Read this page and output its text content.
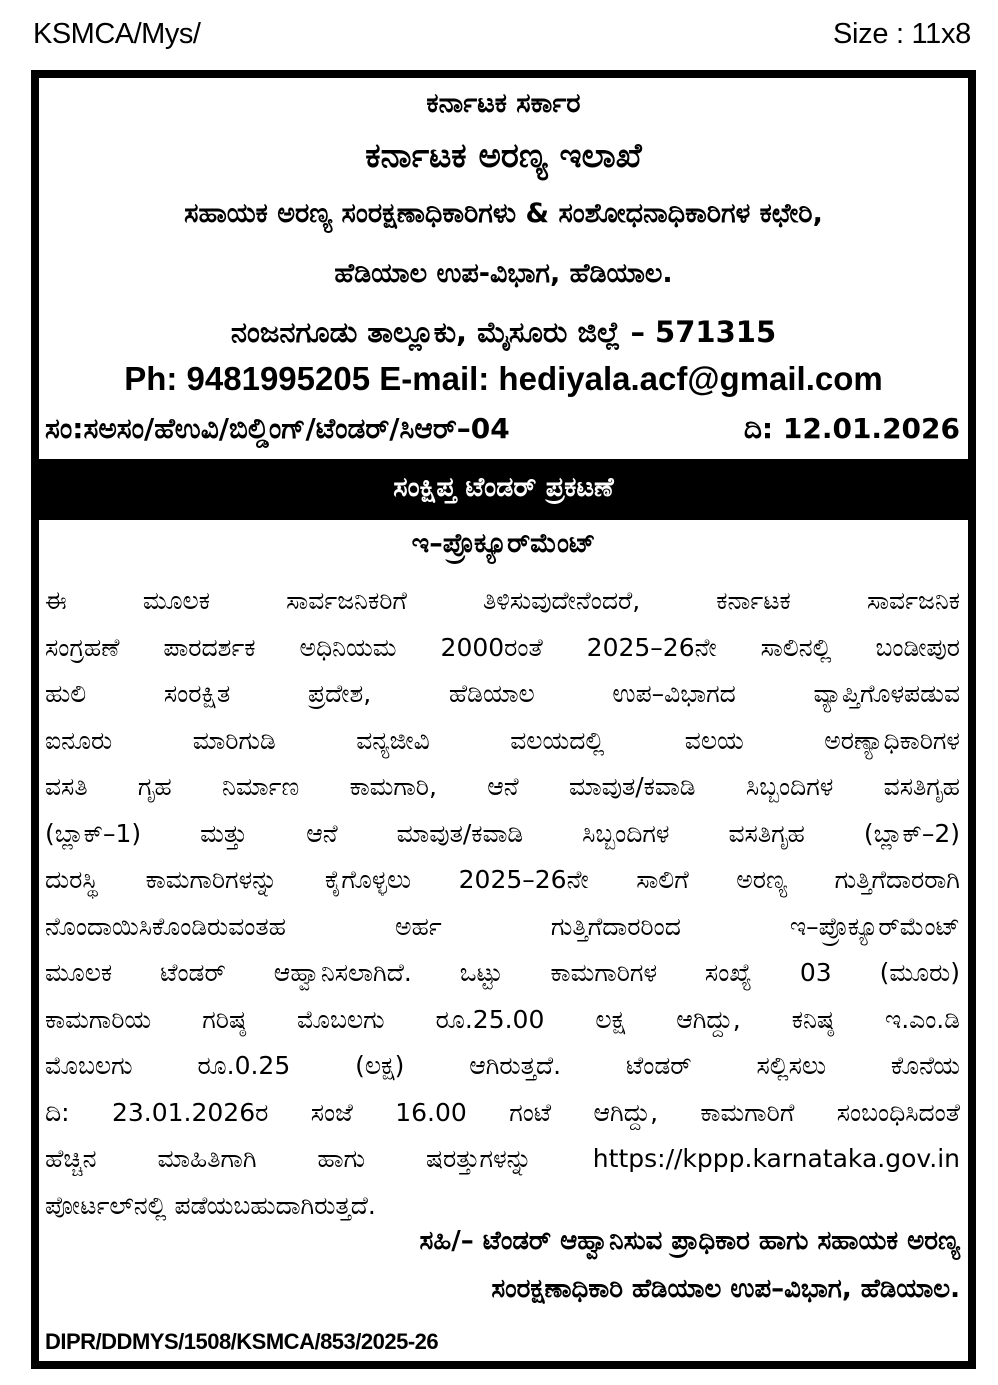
KSMCA/Mys/	Size : 11x8
ಕರ್ನಾಟಕ ಸರ್ಕಾರ
ಕರ್ನಾಟಕ ಅರಣ್ಯ ಇಲಾಖೆ
ಸಹಾಯಕ ಅರಣ್ಯ ಸಂರಕ್ಷಣಾಧಿಕಾರಿಗಳು & ಸಂಶೋಧನಾಧಿಕಾರಿಗಳ ಕಛೇರಿ,
ಹೆಡಿಯಾಲ ಉಪ-ವಿಭಾಗ, ಹೆಡಿಯಾಲ.
ನಂಜನಗೂಡು ತಾಲ್ಲೂಕು, ಮೈಸೂರು ಜಿಲ್ಲೆ – 571315
Ph: 9481995205 E-mail: hediyala.acf@gmail.com
ಸಂ:ಸಅಸಂ/ಹೆಉವಿ/ಬಿಲ್ಡಿಂಗ್/ಟೆಂಡರ್/ಸಿಆರ್–04	ದಿ: 12.01.2026
ಸಂಕ್ಷಿಪ್ತ ಟೆಂಡರ್ ಪ್ರಕಟಣೆ
ಇ–ಪ್ರೊಕ್ಯೂರ್‌ಮೆಂಟ್
ಈ ಮೂಲಕ ಸಾರ್ವಜನಿಕರಿಗೆ ತಿಳಿಸುವುದೇನೆಂದರೆ, ಕರ್ನಾಟಕ ಸಾರ್ವಜನಿಕ
ಸಂಗ್ರಹಣೆ ಪಾರದರ್ಶಕ ಅಧಿನಿಯಮ 2000ರಂತೆ 2025–26ನೇ ಸಾಲಿನಲ್ಲಿ ಬಂಡೀಪುರ
ಹುಲಿ ಸಂರಕ್ಷಿತ ಪ್ರದೇಶ, ಹೆಡಿಯಾಲ ಉಪ–ವಿಭಾಗದ ವ್ಯಾಪ್ತಿಗೊಳಪಡುವ
ಐನೂರು ಮಾರಿಗುಡಿ ವನ್ಯಜೀವಿ ವಲಯದಲ್ಲಿ ವಲಯ ಅರಣ್ಯಾಧಿಕಾರಿಗಳ
ವಸತಿ ಗೃಹ ನಿರ್ಮಾಣ ಕಾಮಗಾರಿ, ಆನೆ ಮಾವುತ/ಕವಾಡಿ ಸಿಬ್ಬಂದಿಗಳ ವಸತಿಗೃಹ
(ಬ್ಲಾಕ್–1) ಮತ್ತು ಆನೆ ಮಾವುತ/ಕವಾಡಿ ಸಿಬ್ಬಂದಿಗಳ ವಸತಿಗೃಹ (ಬ್ಲಾಕ್–2)
ದುರಸ್ಥಿ ಕಾಮಗಾರಿಗಳನ್ನು ಕೈಗೊಳ್ಳಲು 2025–26ನೇ ಸಾಲಿಗೆ ಅರಣ್ಯ ಗುತ್ತಿಗೆದಾರರಾಗಿ
ನೊಂದಾಯಿಸಿಕೊಂಡಿರುವಂತಹ ಅರ್ಹ ಗುತ್ತಿಗೆದಾರರಿಂದ ಇ–ಪ್ರೊಕ್ಯೂರ್‌ಮೆಂಟ್
ಮೂಲಕ ಟೆಂಡರ್ ಆಹ್ವಾನಿಸಲಾಗಿದೆ. ಒಟ್ಟು ಕಾಮಗಾರಿಗಳ ಸಂಖ್ಯೆ 03 (ಮೂರು)
ಕಾಮಗಾರಿಯ ಗರಿಷ್ಠ ಮೊಬಲಗು ರೂ.25.00 ಲಕ್ಷ ಆಗಿದ್ದು, ಕನಿಷ್ಠ ಇ.ಎಂ.ಡಿ
ಮೊಬಲಗು ರೂ.0.25 (ಲಕ್ಷ) ಆಗಿರುತ್ತದೆ. ಟೆಂಡರ್ ಸಲ್ಲಿಸಲು ಕೊನೆಯ
ದಿ: 23.01.2026ರ ಸಂಜೆ 16.00 ಗಂಟೆ ಆಗಿದ್ದು, ಕಾಮಗಾರಿಗೆ ಸಂಬಂಧಿಸಿದಂತೆ
ಹೆಚ್ಚಿನ ಮಾಹಿತಿಗಾಗಿ ಹಾಗು ಷರತ್ತುಗಳನ್ನು https://kppp.karnataka.gov.in
ಪೋರ್ಟಲ್‌ನಲ್ಲಿ ಪಡೆಯಬಹುದಾಗಿರುತ್ತದೆ.
ಸಹಿ/– ಟೆಂಡರ್ ಆಹ್ವಾನಿಸುವ ಪ್ರಾಧಿಕಾರ ಹಾಗು ಸಹಾಯಕ ಅರಣ್ಯ
ಸಂರಕ್ಷಣಾಧಿಕಾರಿ ಹೆಡಿಯಾಲ ಉಪ–ವಿಭಾಗ, ಹೆಡಿಯಾಲ.
DIPR/DDMYS/1508/KSMCA/853/2025-26
